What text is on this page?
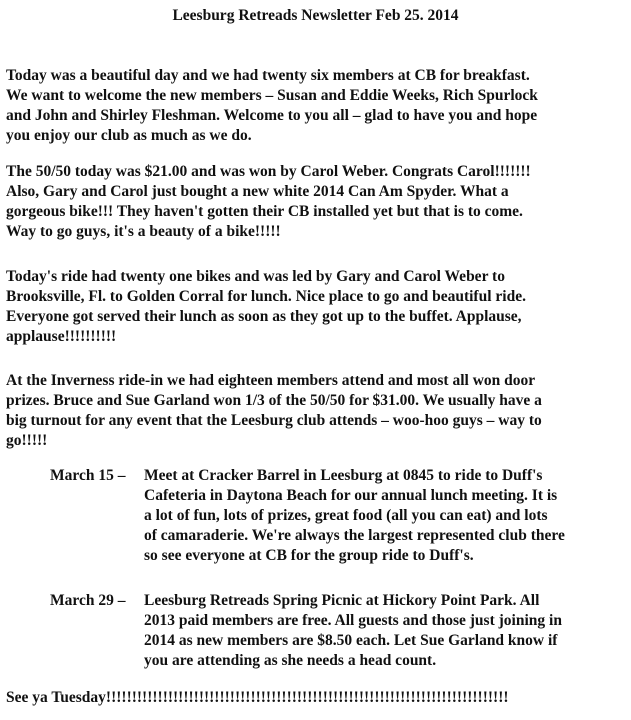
Leesburg Retreads Newsletter Feb 25. 2014
Today was a beautiful day and we had twenty six members at CB for breakfast.
We want to welcome the new members – Susan and Eddie Weeks, Rich Spurlock
and John and Shirley Fleshman. Welcome to you all – glad to have you and hope
you enjoy our club as much as we do.
The 50/50 today was $21.00 and was won by Carol Weber. Congrats Carol!!!!!!!
Also, Gary and Carol just bought a new white 2014 Can Am Spyder. What a
gorgeous bike!!! They haven't gotten their CB installed yet but that is to come.
Way to go guys, it's a beauty of a bike!!!!!
Today's ride had twenty one bikes and was led by Gary and Carol Weber to
Brooksville, Fl. to Golden Corral for lunch. Nice place to go and beautiful ride.
Everyone got served their lunch as soon as they got up to the buffet. Applause,
applause!!!!!!!!!!
At the Inverness ride-in we had eighteen members attend and most all won door
prizes. Bruce and Sue Garland won 1/3 of the 50/50 for $31.00. We usually have a
big turnout for any event that the Leesburg club attends – woo-hoo guys – way to
go!!!!!
March 15 – Meet at Cracker Barrel in Leesburg at 0845 to ride to Duff's
Cafeteria in Daytona Beach for our annual lunch meeting. It is
a lot of fun, lots of prizes, great food (all you can eat) and lots
of camaraderie. We're always the largest represented club there
so see everyone at CB for the group ride to Duff's.
March 29 – Leesburg Retreads Spring Picnic at Hickory Point Park. All
2013 paid members are free. All guests and those just joining in
2014 as new members are $8.50 each. Let Sue Garland know if
you are attending as she needs a head count.
See ya Tuesday!!!!!!!!!!!!!!!!!!!!!!!!!!!!!!!!!!!!!!!!!!!!!!!!!!!!!!!!!!!!!!!!!!!!!!!!!!!!!!
